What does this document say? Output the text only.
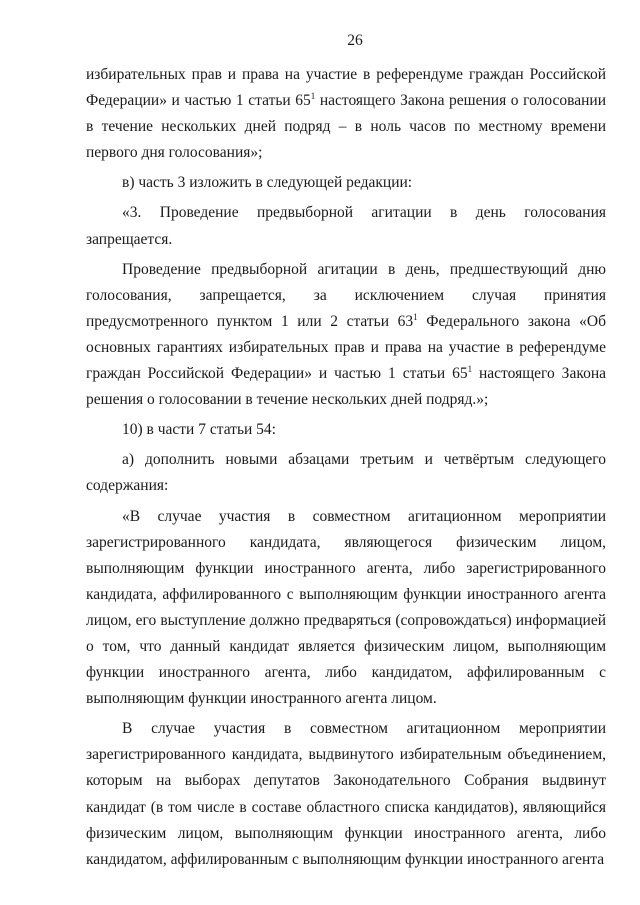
26

избирательных прав и права на участие в референдуме граждан Российской Федерации» и частью 1 статьи $65^1$ настоящего Закона решения о голосовании в течение нескольких дней подряд – в ноль часов по местному времени первого дня голосования»;

в) часть 3 изложить в следующей редакции:

«3. Проведение предвыборной агитации в день голосования запрещается.

Проведение предвыборной агитации в день, предшествующий дню голосования, запрещается, за исключением случая принятия предусмотренного пунктом 1 или 2 статьи $63^1$ Федерального закона «Об основных гарантиях избирательных прав и права на участие в референдуме граждан Российской Федерации» и частью 1 статьи $65^1$ настоящего Закона решения о голосовании в течение нескольких дней подряд.»;

10) в части 7 статьи 54:

а) дополнить новыми абзацами третьим и четвёртым следующего содержания:

«В случае участия в совместном агитационном мероприятии зарегистрированного кандидата, являющегося физическим лицом, выполняющим функции иностранного агента, либо зарегистрированного кандидата, аффилированного с выполняющим функции иностранного агента лицом, его выступление должно предваряться (сопровождаться) информацией о том, что данный кандидат является физическим лицом, выполняющим функции иностранного агента, либо кандидатом, аффилированным с выполняющим функции иностранного агента лицом.

В случае участия в совместном агитационном мероприятии зарегистрированного кандидата, выдвинутого избирательным объединением, которым на выборах депутатов Законодательного Собрания выдвинут кандидат (в том числе в составе областного списка кандидатов), являющийся физическим лицом, выполняющим функции иностранного агента, либо кандидатом, аффилированным с выполняющим функции иностранного агента
